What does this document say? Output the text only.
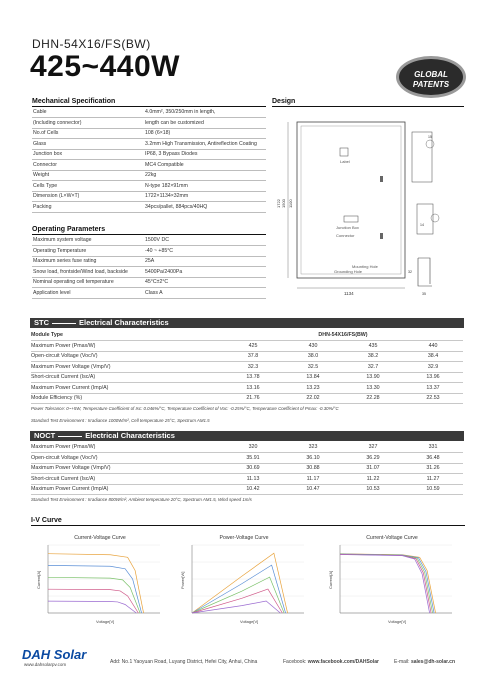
DHN-54X16/FS(BW)
425~440W	GLOBAL
PATENTS
Mechanical Specification
Cable	4.0mm², 350/250mm in length,
(Including connector)	length can be customized
No.of Cells	108 (6×18)
Glass	3.2mm High Transmission, Antireflection Coating
Junction box	IP68, 3 Bypass Diodes
Connector	MC4 Compatible
Weight	22kg
Cells Type	N-type 182×91mm
Dimension (L×W×T)	1722×1134×32mm
Packing	34pcs/pallet, 884pcs/40HQ
Design
Label
Junction Box
Connector
Mounting Hole
Grounding Hole
1134
1722 1500 1100
15
14
32
35
Operating Parameters
Maximum system voltage	1500V DC
Operating Temperature	-40 ~ +85°C
Maximum series fuse rating	25A
Snow load, frontside/Wind load, backside	5400Pa/2400Pa
Nominal operating cell temperature	45°C±2°C
Application level	Class A
STC	Electrical Characteristics
Module Type	DHN-54X16/FS(BW)			
Maximum Power (Pmax/W)	425	430	435	440
Open-circuit Voltage (Voc/V)	37.8	38.0	38.2	38.4
Maximum Power Voltage (Vmp/V)	32.3	32.5	32.7	32.9
Short-circuit Current (Isc/A)	13.78	13.84	13.90	13.96
Maximum Power Current (Imp/A)	13.16	13.23	13.30	13.37
Module Efficiency (%)	21.76	22.02	22.28	22.53
Power Tolerance: 0~+5W, Temperature Coefficient of Isc: 0.046%/°C, Temperature Coefficient of Voc: -0.25%/°C, Temperature Coefficient of Pmax: -0.30%/°C
Standard Test Environment : Irradiance 1000W/m², Cell temperature 25°C, Spectrum AM1.5
NOCT	Electrical Characteristics
Maximum Power (Pmax/W)	320	323	327	331
Open-circuit Voltage (Voc/V)	35.91	36.10	36.29	36.48
Maximum Power Voltage (Vmp/V)	30.69	30.88	31.07	31.26
Short-circuit Current (Isc/A)	11.13	11.17	11.22	11.27
Maximum Power Current (Imp/A)	10.42	10.47	10.53	10.59
Standard Test Environment : Irradiance 800W/m², Ambient temperature 20°C, Spectrum AM1.5, Wind speed 1m/s
I-V Curve
Current-Voltage Curve
Current[A]
Voltage[V]
Power-Voltage Curve
Power[W]
Voltage[V]
Current-Voltage Curve
Current[A]
Voltage[V]
DAH Solar
www.dahsolarpv.com	Add: No.1 Yaoyuan Road, Luyang District, Hefei City, Anhui, China	Facebook: www.facebook.com/DAHSolar	E-mail: sales@dh-solar.cn
